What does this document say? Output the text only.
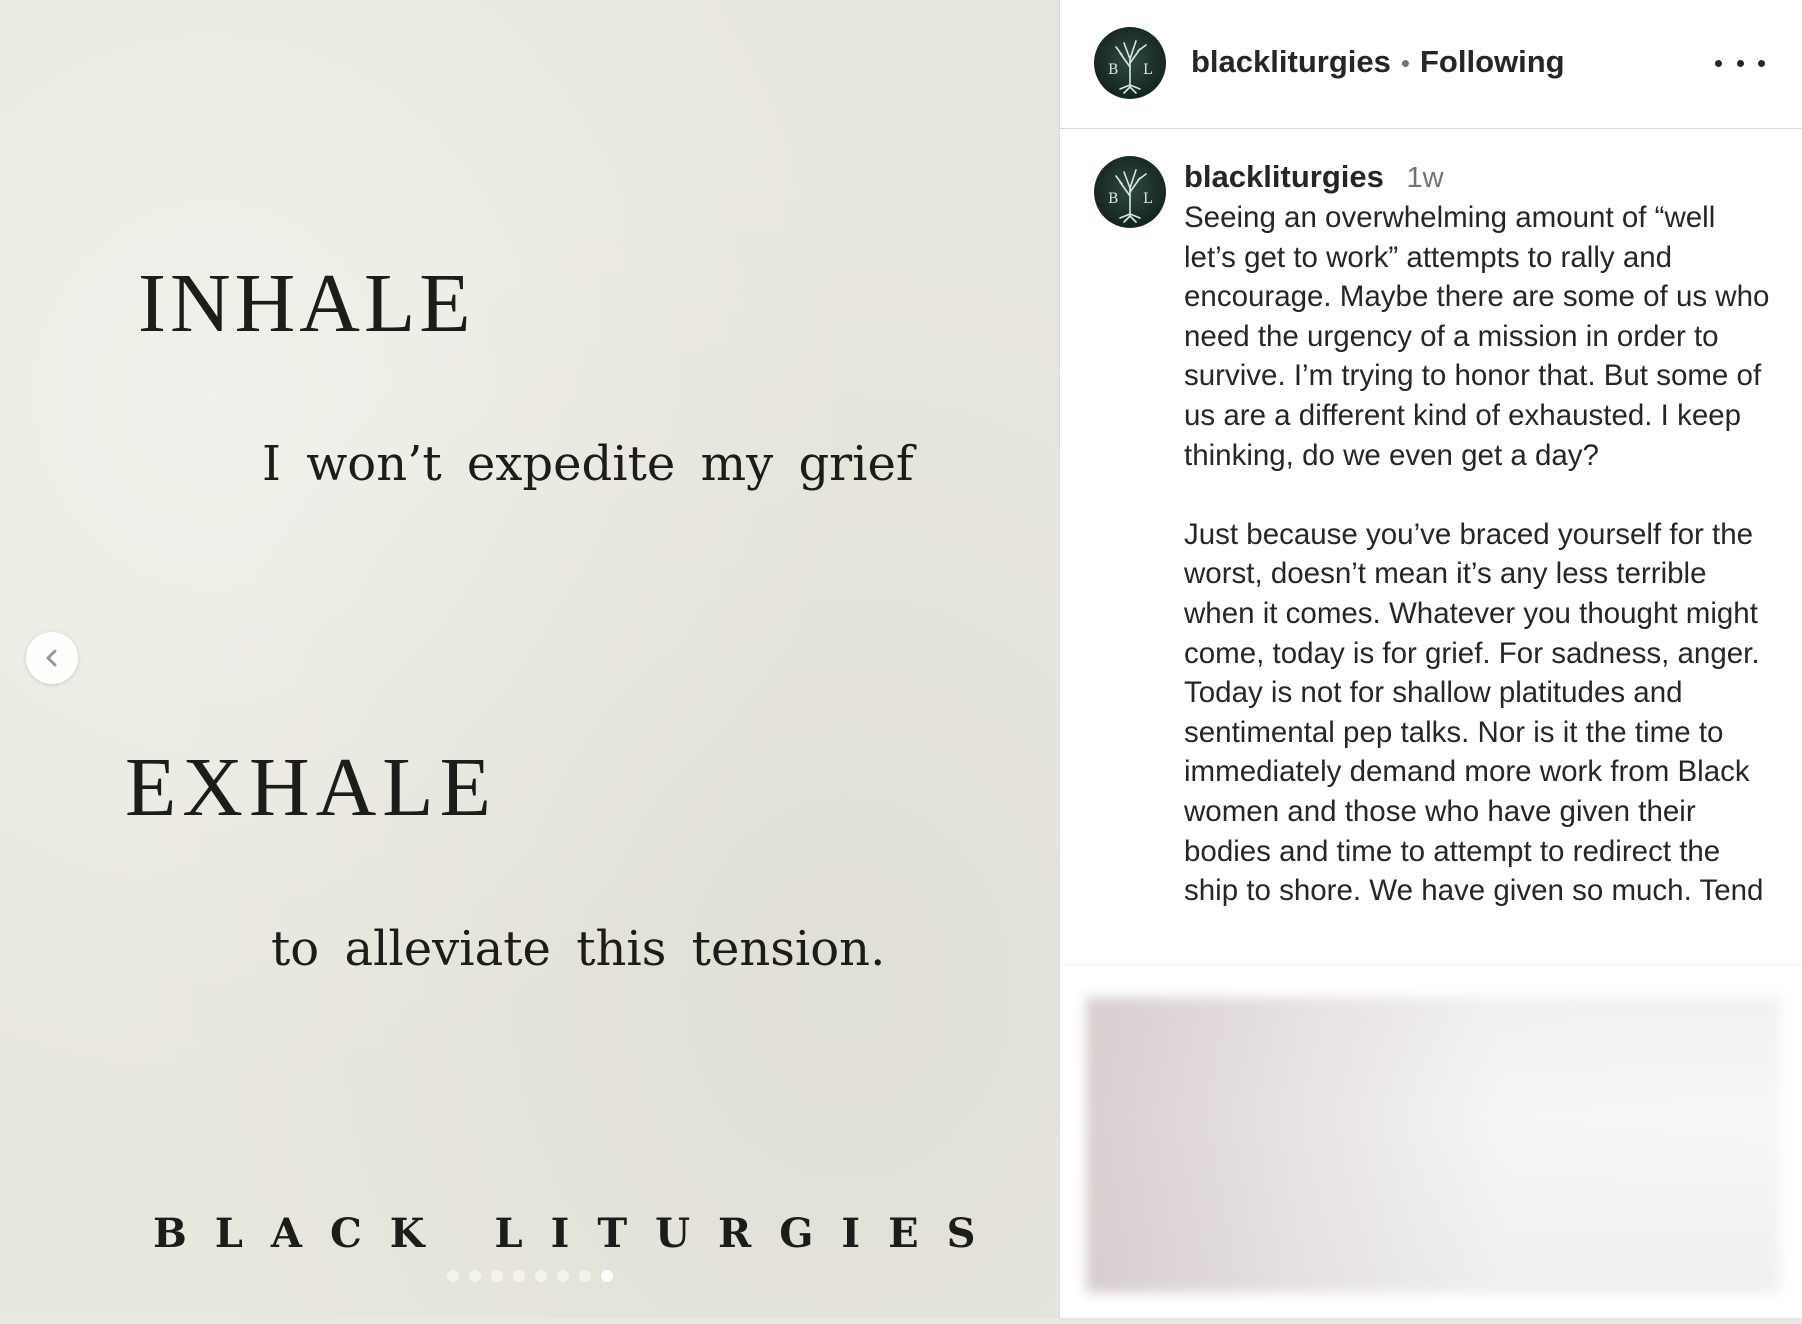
INHALE

I won’t expedite my grief

EXHALE

to alleviate this tension.

BLACK LITURGIES

B L blackliturgies • Following
B L
blackliturgies 1w

Seeing an overwhelming amount of “well let’s get to work” attempts to rally and encourage. Maybe there are some of us who need the urgency of a mission in order to survive. I’m trying to honor that. But some of us are a different kind of exhausted. I keep thinking, do we even get a day?

Just because you’ve braced yourself for the worst, doesn’t mean it’s any less terrible when it comes. Whatever you thought might come, today is for grief. For sadness, anger. Today is not for shallow platitudes and sentimental pep talks. Nor is it the time to immediately demand more work from Black women and those who have given their bodies and time to attempt to redirect the ship to shore. We have given so much. Tend
